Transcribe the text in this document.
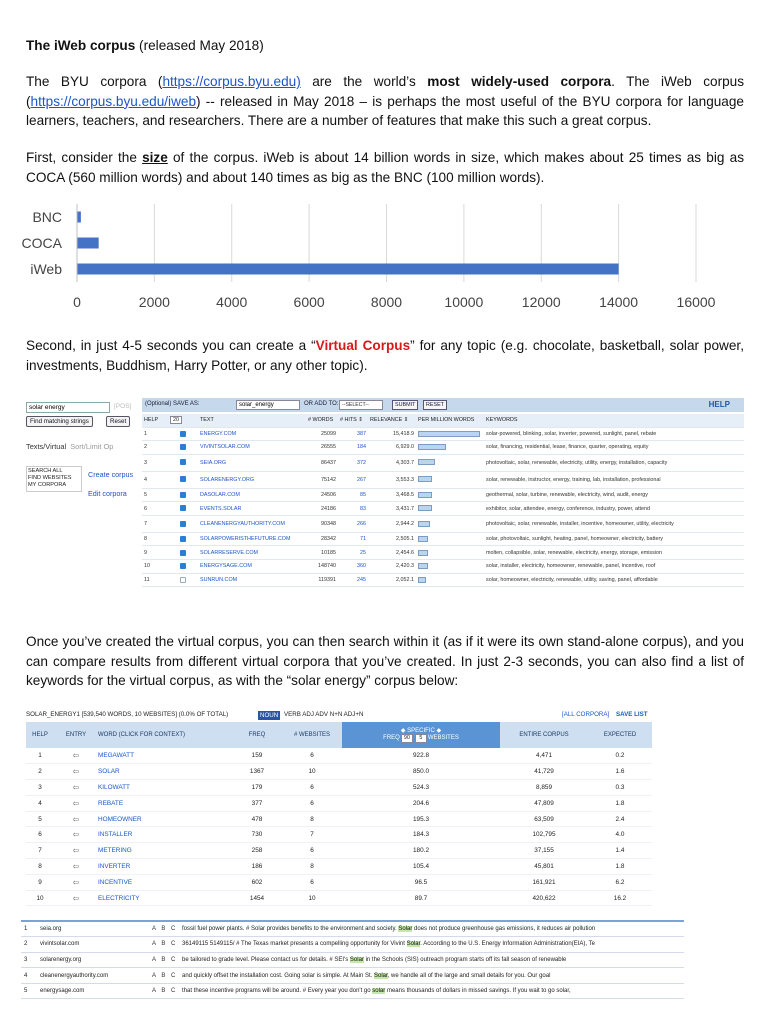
The iWeb corpus (released May 2018)

The BYU corpora (https://corpus.byu.edu) are the world’s most widely-used corpora. The iWeb corpus (https://corpus.byu.edu/iweb) -- released in May 2018 – is perhaps the most useful of the BYU corpora for language learners, teachers, and researchers. There are a number of features that make this such a great corpus.

First, consider the size of the corpus. iWeb is about 14 billion words in size, which makes about 25 times as big as COCA (560 million words) and about 140 times as big as the BNC (100 million words).

0	2000	4000	6000	8000	10000	12000	14000	16000
BNC
COCA
iWeb

Second, in just 4-5 seconds you can create a “Virtual Corpus” for any topic (e.g. chocolate, basketball, solar power, investments, Buddhism, Harry Potter, or any other topic).

solar energy
[POS]
Find matching strings	Reset
Texts/Virtual Sort/Limit Op
SEARCH ALL
FIND WEBSITES
MY CORPORA
Create corpus
Edit corpora
(Optional) SAVE AS:
solar_energy	OR ADD TO: --SELECT--	SUBMIT	RESET	HELP
HELP	20	TEXT	# WORDS	# HITS ⇕	RELEVANCE ⇕	PER MILLION WORDS	KEYWORDS
1		ENERGY.COM	25099	387	15,418.9		solar-powered, blinking, solar, inverter, powered, sunlight, panel, rebate
2		VIVINTSOLAR.COM	26555	184	6,929.0		solar, financing, residential, lease, finance, quarter, operating, equity
3		SEIA.ORG	86437	372	4,303.7		photovoltaic, solar, renewable, electricity, utility, energy, installation, capacity
4		SOLARENERGY.ORG	75142	267	3,553.3		solar, renewable, instructor, energy, training, lab, installation, professional
5		DASOLAR.COM	24506	85	3,468.5		geothermal, solar, turbine, renewable, electricity, wind, audit, energy
6		EVENTS.SOLAR	24186	83	3,431.7		exhibitor, solar, attendee, energy, conference, industry, power, attend
7		CLEANENERGYAUTHORITY.COM	90348	266	2,944.2		photovoltaic, solar, renewable, installer, incentive, homeowner, utility, electricity
8		SOLARPOWERISTHEFUTURE.COM	28342	71	2,505.1		solar, photovoltaic, sunlight, heating, panel, homeowner, electricity, battery
9		SOLARRESERVE.COM	10185	25	2,454.6		molten, collapsible, solar, renewable, electricity, energy, storage, emission
10		ENERGYSAGE.COM	148740	360	2,420.3		solar, installer, electricity, homeowner, renewable, panel, incentive, roof
11		SUNRUN.COM	119391	245	2,052.1		solar, homeowner, electricity, renewable, utility, saving, panel, affordable

Once you’ve created the virtual corpus, you can then search within it (as if it were its own stand-alone corpus), and you can compare results from different virtual corpora that you’ve created. In just 2-3 seconds, you can also find a list of keywords for the virtual corpus, as with the “solar energy” corpus below:

SOLAR_ENERGY1 [539,540 WORDS, 10 WEBSITES] (0.0% OF TOTAL)	NOUN VERB ADJ ADV N+N ADJ+N	[ALL CORPORA] SAVE LIST
HELP	ENTRY	WORD (CLICK FOR CONTEXT)	FREQ	# WEBSITES	◆ SPECIFIC ◆
FREQ 90 5 WEBSITES	ENTIRE CORPUS	EXPECTED
1	⇦	MEGAWATT	159	6	922.8	4,471	0.2
2	⇦	SOLAR	1367	10	850.0	41,729	1.6
3	⇦	KILOWATT	179	6	524.3	8,859	0.3
4	⇦	REBATE	377	6	204.6	47,809	1.8
5	⇦	HOMEOWNER	478	8	195.3	63,509	2.4
6	⇦	INSTALLER	730	7	184.3	102,795	4.0
7	⇦	METERING	258	6	180.2	37,155	1.4
8	⇦	INVERTER	186	8	105.4	45,801	1.8
9	⇦	INCENTIVE	602	6	96.5	161,921	6.2
10	⇦	ELECTRICITY	1454	10	89.7	420,622	16.2
1	seia.org	A B C	fossil fuel power plants. # Solar provides benefits to the environment and society. Solar does not produce greenhouse gas emissions, it reduces air pollution
2	vivintsolar.com	A B C	36149115 5149115/ # The Texas market presents a compelling opportunity for Vivint Solar. According to the U.S. Energy Information Administration(EIA), Te
3	solarenergy.org	A B C	be tailored to grade level. Please contact us for details. # SEI's Solar in the Schools (SIS) outreach program starts off its fall season of renewable
4	cleanenergyauthority.com	A B C	and quickly offset the installation cost. Going solar is simple. At Main St. Solar, we handle all of the large and small details for you. Our goal
5	energysage.com	A B C	that these incentive programs will be around. # Every year you don't go solar means thousands of dollars in missed savings. If you wait to go solar,
